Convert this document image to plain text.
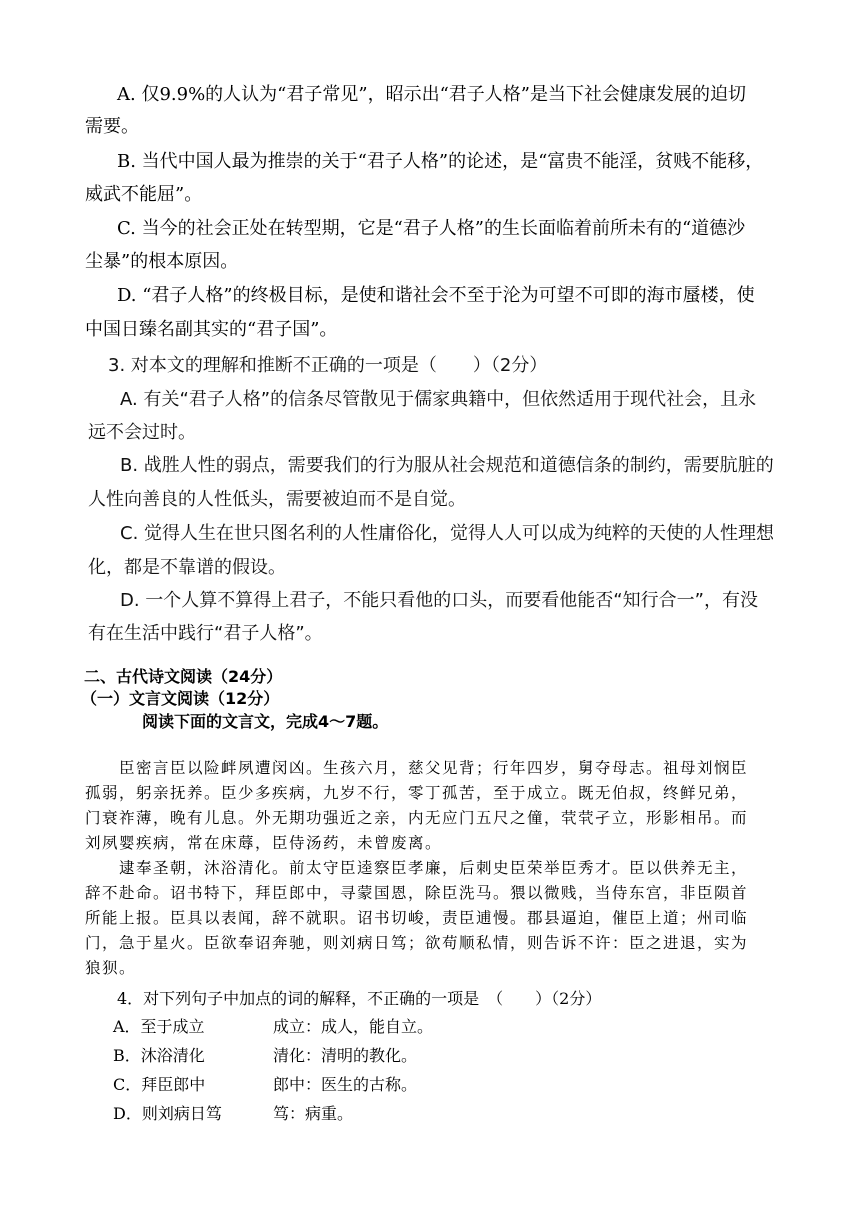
A. 仅9.9%的人认为“君子常见”，昭示出“君子人格”是当下社会健康发展的迫切
需要。
B. 当代中国人最为推崇的关于“君子人格”的论述，是“富贵不能淫，贫贱不能移，
威武不能屈”。
C. 当今的社会正处在转型期，它是“君子人格”的生长面临着前所未有的“道德沙
尘暴”的根本原因。
D. “君子人格”的终极目标，是使和谐社会不至于沦为可望不可即的海市蜃楼，使
中国日臻名副其实的“君子国”。
3. 对本文的理解和推断不正确的一项是（　　）（2分）
A. 有关“君子人格”的信条尽管散见于儒家典籍中，但依然适用于现代社会，且永
远不会过时。
B. 战胜人性的弱点，需要我们的行为服从社会规范和道德信条的制约，需要肮脏的
人性向善良的人性低头，需要被迫而不是自觉。
C. 觉得人生在世只图名利的人性庸俗化，觉得人人可以成为纯粹的天使的人性理想
化，都是不靠谱的假设。
D. 一个人算不算得上君子，不能只看他的口头，而要看他能否“知行合一”，有没
有在生活中践行“君子人格”。
二、古代诗文阅读（24分）
（一）文言文阅读（12分）
阅读下面的文言文，完成4～7题。
　　臣密言臣以险衅夙遭闵凶。生孩六月，慈父见背；行年四岁，舅夺母志。祖母刘悯臣
孤弱，躬亲抚养。臣少多疾病，九岁不行，零丁孤苦，至于成立。既无伯叔，终鲜兄弟，
门衰祚薄，晚有儿息。外无期功强近之亲，内无应门五尺之僮，茕茕孑立，形影相吊。而
刘夙婴疾病，常在床蓐，臣侍汤药，未曾废离。
　　逮奉圣朝，沐浴清化。前太守臣逵察臣孝廉，后刺史臣荣举臣秀才。臣以供养无主，
辞不赴命。诏书特下，拜臣郎中，寻蒙国恩，除臣洗马。猥以微贱，当侍东宫，非臣陨首
所能上报。臣具以表闻，辞不就职。诏书切峻，责臣逋慢。郡县逼迫，催臣上道；州司临
门，急于星火。臣欲奉诏奔驰，则刘病日笃；欲苟顺私情，则告诉不许：臣之进退，实为
狼狈。
4．对下列句子中加点的词的解释，不正确的一项是　（　　）（2分）
A．至于成立	成立：成人，能自立。
B．沐浴清化	清化：清明的教化。
C．拜臣郎中	郎中：医生的古称。
D．则刘病日笃	笃：病重。
